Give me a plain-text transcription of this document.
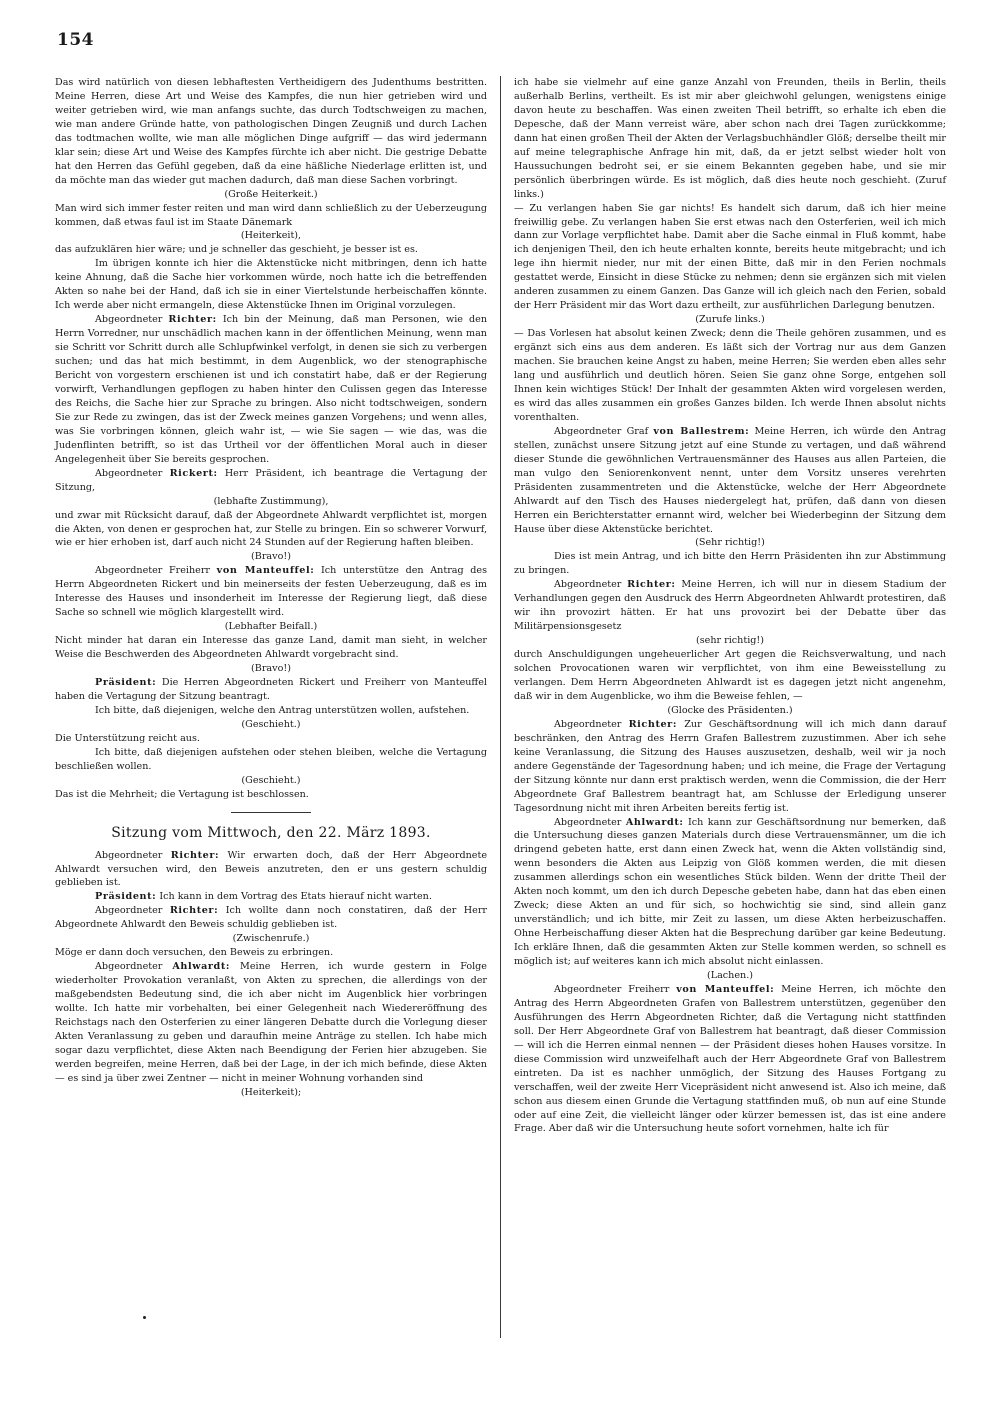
154

Das wird natürlich von diesen lebhaftesten Vertheidigern des Judenthums bestritten. Meine Herren, diese Art und Weise des Kampfes, die nun hier getrieben wird und weiter getrieben wird, wie man anfangs suchte, das durch Todtschweigen zu machen, wie man andere Gründe hatte, von pathologischen Dingen Zeugniß und durch Lachen das todtmachen wollte, wie man alle möglichen Dinge aufgriff — das wird jedermann klar sein; diese Art und Weise des Kampfes fürchte ich aber nicht. Die gestrige Debatte hat den Herren das Gefühl gegeben, daß da eine häßliche Niederlage erlitten ist, und da möchte man das wieder gut machen dadurch, daß man diese Sachen vorbringt.

(Große Heiterkeit.)

Man wird sich immer fester reiten und man wird dann schließlich zu der Ueberzeugung kommen, daß etwas faul ist im Staate Dänemark

(Heiterkeit),

das aufzuklären hier wäre; und je schneller das geschieht, je besser ist es.

Im übrigen konnte ich hier die Aktenstücke nicht mitbringen, denn ich hatte keine Ahnung, daß die Sache hier vorkommen würde, noch hatte ich die betreffenden Akten so nahe bei der Hand, daß ich sie in einer Viertelstunde herbeischaffen könnte. Ich werde aber nicht ermangeln, diese Aktenstücke Ihnen im Original vorzulegen.

Abgeordneter Richter: Ich bin der Meinung, daß man Personen, wie den Herrn Vorredner, nur unschädlich machen kann in der öffentlichen Meinung, wenn man sie Schritt vor Schritt durch alle Schlupfwinkel verfolgt, in denen sie sich zu verbergen suchen; und das hat mich bestimmt, in dem Augenblick, wo der stenographische Bericht von vorgestern erschienen ist und ich constatirt habe, daß er der Regierung vorwirft, Verhandlungen gepflogen zu haben hinter den Culissen gegen das Interesse des Reichs, die Sache hier zur Sprache zu bringen. Also nicht todtschweigen, sondern Sie zur Rede zu zwingen, das ist der Zweck meines ganzen Vorgehens; und wenn alles, was Sie vorbringen können, gleich wahr ist, — wie Sie sagen — wie das, was die Judenflinten betrifft, so ist das Urtheil vor der öffentlichen Moral auch in dieser Angelegenheit über Sie bereits gesprochen.

Abgeordneter Rickert: Herr Präsident, ich beantrage die Vertagung der Sitzung,

(lebhafte Zustimmung),

und zwar mit Rücksicht darauf, daß der Abgeordnete Ahlwardt verpflichtet ist, morgen die Akten, von denen er gesprochen hat, zur Stelle zu bringen. Ein so schwerer Vorwurf, wie er hier erhoben ist, darf auch nicht 24 Stunden auf der Regierung haften bleiben.

(Bravo!)

Abgeordneter Freiherr von Manteuffel: Ich unterstütze den Antrag des Herrn Abgeordneten Rickert und bin meinerseits der festen Ueberzeugung, daß es im Interesse des Hauses und insonderheit im Interesse der Regierung liegt, daß diese Sache so schnell wie möglich klargestellt wird.

(Lebhafter Beifall.)

Nicht minder hat daran ein Interesse das ganze Land, damit man sieht, in welcher Weise die Beschwerden des Abgeordneten Ahlwardt vorgebracht sind.

(Bravo!)

Präsident: Die Herren Abgeordneten Rickert und Freiherr von Manteuffel haben die Vertagung der Sitzung beantragt.

Ich bitte, daß diejenigen, welche den Antrag unterstützen wollen, aufstehen.

(Geschieht.)

Die Unterstützung reicht aus.

Ich bitte, daß diejenigen aufstehen oder stehen bleiben, welche die Vertagung beschließen wollen.

(Geschieht.)

Das ist die Mehrheit; die Vertagung ist beschlossen.

Sitzung vom Mittwoch, den 22. März 1893.

Abgeordneter Richter: Wir erwarten doch, daß der Herr Abgeordnete Ahlwardt versuchen wird, den Beweis anzutreten, den er uns gestern schuldig geblieben ist.

Präsident: Ich kann in dem Vortrag des Etats hierauf nicht warten.

Abgeordneter Richter: Ich wollte dann noch constatiren, daß der Herr Abgeordnete Ahlwardt den Beweis schuldig geblieben ist.

(Zwischenrufe.)

Möge er dann doch versuchen, den Beweis zu erbringen.

Abgeordneter Ahlwardt: Meine Herren, ich wurde gestern in Folge wiederholter Provokation veranlaßt, von Akten zu sprechen, die allerdings von der maßgebendsten Bedeutung sind, die ich aber nicht im Augenblick hier vorbringen wollte. Ich hatte mir vorbehalten, bei einer Gelegenheit nach Wiedereröffnung des Reichstags nach den Osterferien zu einer längeren Debatte durch die Vorlegung dieser Akten Veranlassung zu geben und daraufhin meine Anträge zu stellen. Ich habe mich sogar dazu verpflichtet, diese Akten nach Beendigung der Ferien hier abzugeben. Sie werden begreifen, meine Herren, daß bei der Lage, in der ich mich befinde, diese Akten — es sind ja über zwei Zentner — nicht in meiner Wohnung vorhanden sind

(Heiterkeit);

ich habe sie vielmehr auf eine ganze Anzahl von Freunden, theils in Berlin, theils außerhalb Berlins, vertheilt. Es ist mir aber gleichwohl gelungen, wenigstens einige davon heute zu beschaffen. Was einen zweiten Theil betrifft, so erhalte ich eben die Depesche, daß der Mann verreist wäre, aber schon nach drei Tagen zurückkomme; dann hat einen großen Theil der Akten der Verlagsbuchhändler Glöß; derselbe theilt mir auf meine telegraphische Anfrage hin mit, daß, da er jetzt selbst wieder holt von Haussuchungen bedroht sei, er sie einem Bekannten gegeben habe, und sie mir persönlich überbringen würde. Es ist möglich, daß dies heute noch geschieht. (Zuruf links.)

— Zu verlangen haben Sie gar nichts! Es handelt sich darum, daß ich hier meine freiwillig gebe. Zu verlangen haben Sie erst etwas nach den Osterferien, weil ich mich dann zur Vorlage verpflichtet habe. Damit aber die Sache einmal in Fluß kommt, habe ich denjenigen Theil, den ich heute erhalten konnte, bereits heute mitgebracht; und ich lege ihn hiermit nieder, nur mit der einen Bitte, daß mir in den Ferien nochmals gestattet werde, Einsicht in diese Stücke zu nehmen; denn sie ergänzen sich mit vielen anderen zusammen zu einem Ganzen. Das Ganze will ich gleich nach den Ferien, sobald der Herr Präsident mir das Wort dazu ertheilt, zur ausführlichen Darlegung benutzen.

(Zurufe links.)

— Das Vorlesen hat absolut keinen Zweck; denn die Theile gehören zusammen, und es ergänzt sich eins aus dem anderen. Es läßt sich der Vortrag nur aus dem Ganzen machen. Sie brauchen keine Angst zu haben, meine Herren; Sie werden eben alles sehr lang und ausführlich und deutlich hören. Seien Sie ganz ohne Sorge, entgehen soll Ihnen kein wichtiges Stück! Der Inhalt der gesammten Akten wird vorgelesen werden, es wird das alles zusammen ein großes Ganzes bilden. Ich werde Ihnen absolut nichts vorenthalten.

Abgeordneter Graf von Ballestrem: Meine Herren, ich würde den Antrag stellen, zunächst unsere Sitzung jetzt auf eine Stunde zu vertagen, und daß während dieser Stunde die gewöhnlichen Vertrauensmänner des Hauses aus allen Parteien, die man vulgo den Seniorenkonvent nennt, unter dem Vorsitz unseres verehrten Präsidenten zusammentreten und die Aktenstücke, welche der Herr Abgeordnete Ahlwardt auf den Tisch des Hauses niedergelegt hat, prüfen, daß dann von diesen Herren ein Berichterstatter ernannt wird, welcher bei Wiederbeginn der Sitzung dem Hause über diese Aktenstücke berichtet.

(Sehr richtig!)

Dies ist mein Antrag, und ich bitte den Herrn Präsidenten ihn zur Abstimmung zu bringen.

Abgeordneter Richter: Meine Herren, ich will nur in diesem Stadium der Verhandlungen gegen den Ausdruck des Herrn Abgeordneten Ahlwardt protestiren, daß wir ihn provozirt hätten. Er hat uns provozirt bei der Debatte über das Militärpensionsgesetz

(sehr richtig!)

durch Anschuldigungen ungeheuerlicher Art gegen die Reichsverwaltung, und nach solchen Provocationen waren wir verpflichtet, von ihm eine Beweisstellung zu verlangen. Dem Herrn Abgeordneten Ahlwardt ist es dagegen jetzt nicht angenehm, daß wir in dem Augenblicke, wo ihm die Beweise fehlen, —

(Glocke des Präsidenten.)

Abgeordneter Richter: Zur Geschäftsordnung will ich mich dann darauf beschränken, den Antrag des Herrn Grafen Ballestrem zuzustimmen. Aber ich sehe keine Veranlassung, die Sitzung des Hauses auszusetzen, deshalb, weil wir ja noch andere Gegenstände der Tagesordnung haben; und ich meine, die Frage der Vertagung der Sitzung könnte nur dann erst praktisch werden, wenn die Commission, die der Herr Abgeordnete Graf Ballestrem beantragt hat, am Schlusse der Erledigung unserer Tagesordnung nicht mit ihren Arbeiten bereits fertig ist.

Abgeordneter Ahlwardt: Ich kann zur Geschäftsordnung nur bemerken, daß die Untersuchung dieses ganzen Materials durch diese Vertrauensmänner, um die ich dringend gebeten hatte, erst dann einen Zweck hat, wenn die Akten vollständig sind, wenn besonders die Akten aus Leipzig von Glöß kommen werden, die mit diesen zusammen allerdings schon ein wesentliches Stück bilden. Wenn der dritte Theil der Akten noch kommt, um den ich durch Depesche gebeten habe, dann hat das eben einen Zweck; diese Akten an und für sich, so hochwichtig sie sind, sind allein ganz unverständlich; und ich bitte, mir Zeit zu lassen, um diese Akten herbeizuschaffen. Ohne Herbeischaffung dieser Akten hat die Besprechung darüber gar keine Bedeutung. Ich erkläre Ihnen, daß die gesammten Akten zur Stelle kommen werden, so schnell es möglich ist; auf weiteres kann ich mich absolut nicht einlassen.

(Lachen.)

Abgeordneter Freiherr von Manteuffel: Meine Herren, ich möchte den Antrag des Herrn Abgeordneten Grafen von Ballestrem unterstützen, gegenüber den Ausführungen des Herrn Abgeordneten Richter, daß die Vertagung nicht stattfinden soll. Der Herr Abgeordnete Graf von Ballestrem hat beantragt, daß dieser Commission — will ich die Herren einmal nennen — der Präsident dieses hohen Hauses vorsitze. In diese Commission wird unzweifelhaft auch der Herr Abgeordnete Graf von Ballestrem eintreten. Da ist es nachher unmöglich, der Sitzung des Hauses Fortgang zu verschaffen, weil der zweite Herr Vicepräsident nicht anwesend ist. Also ich meine, daß schon aus diesem einen Grunde die Vertagung stattfinden muß, ob nun auf eine Stunde oder auf eine Zeit, die vielleicht länger oder kürzer bemessen ist, das ist eine andere Frage. Aber daß wir die Untersuchung heute sofort vornehmen, halte ich für
